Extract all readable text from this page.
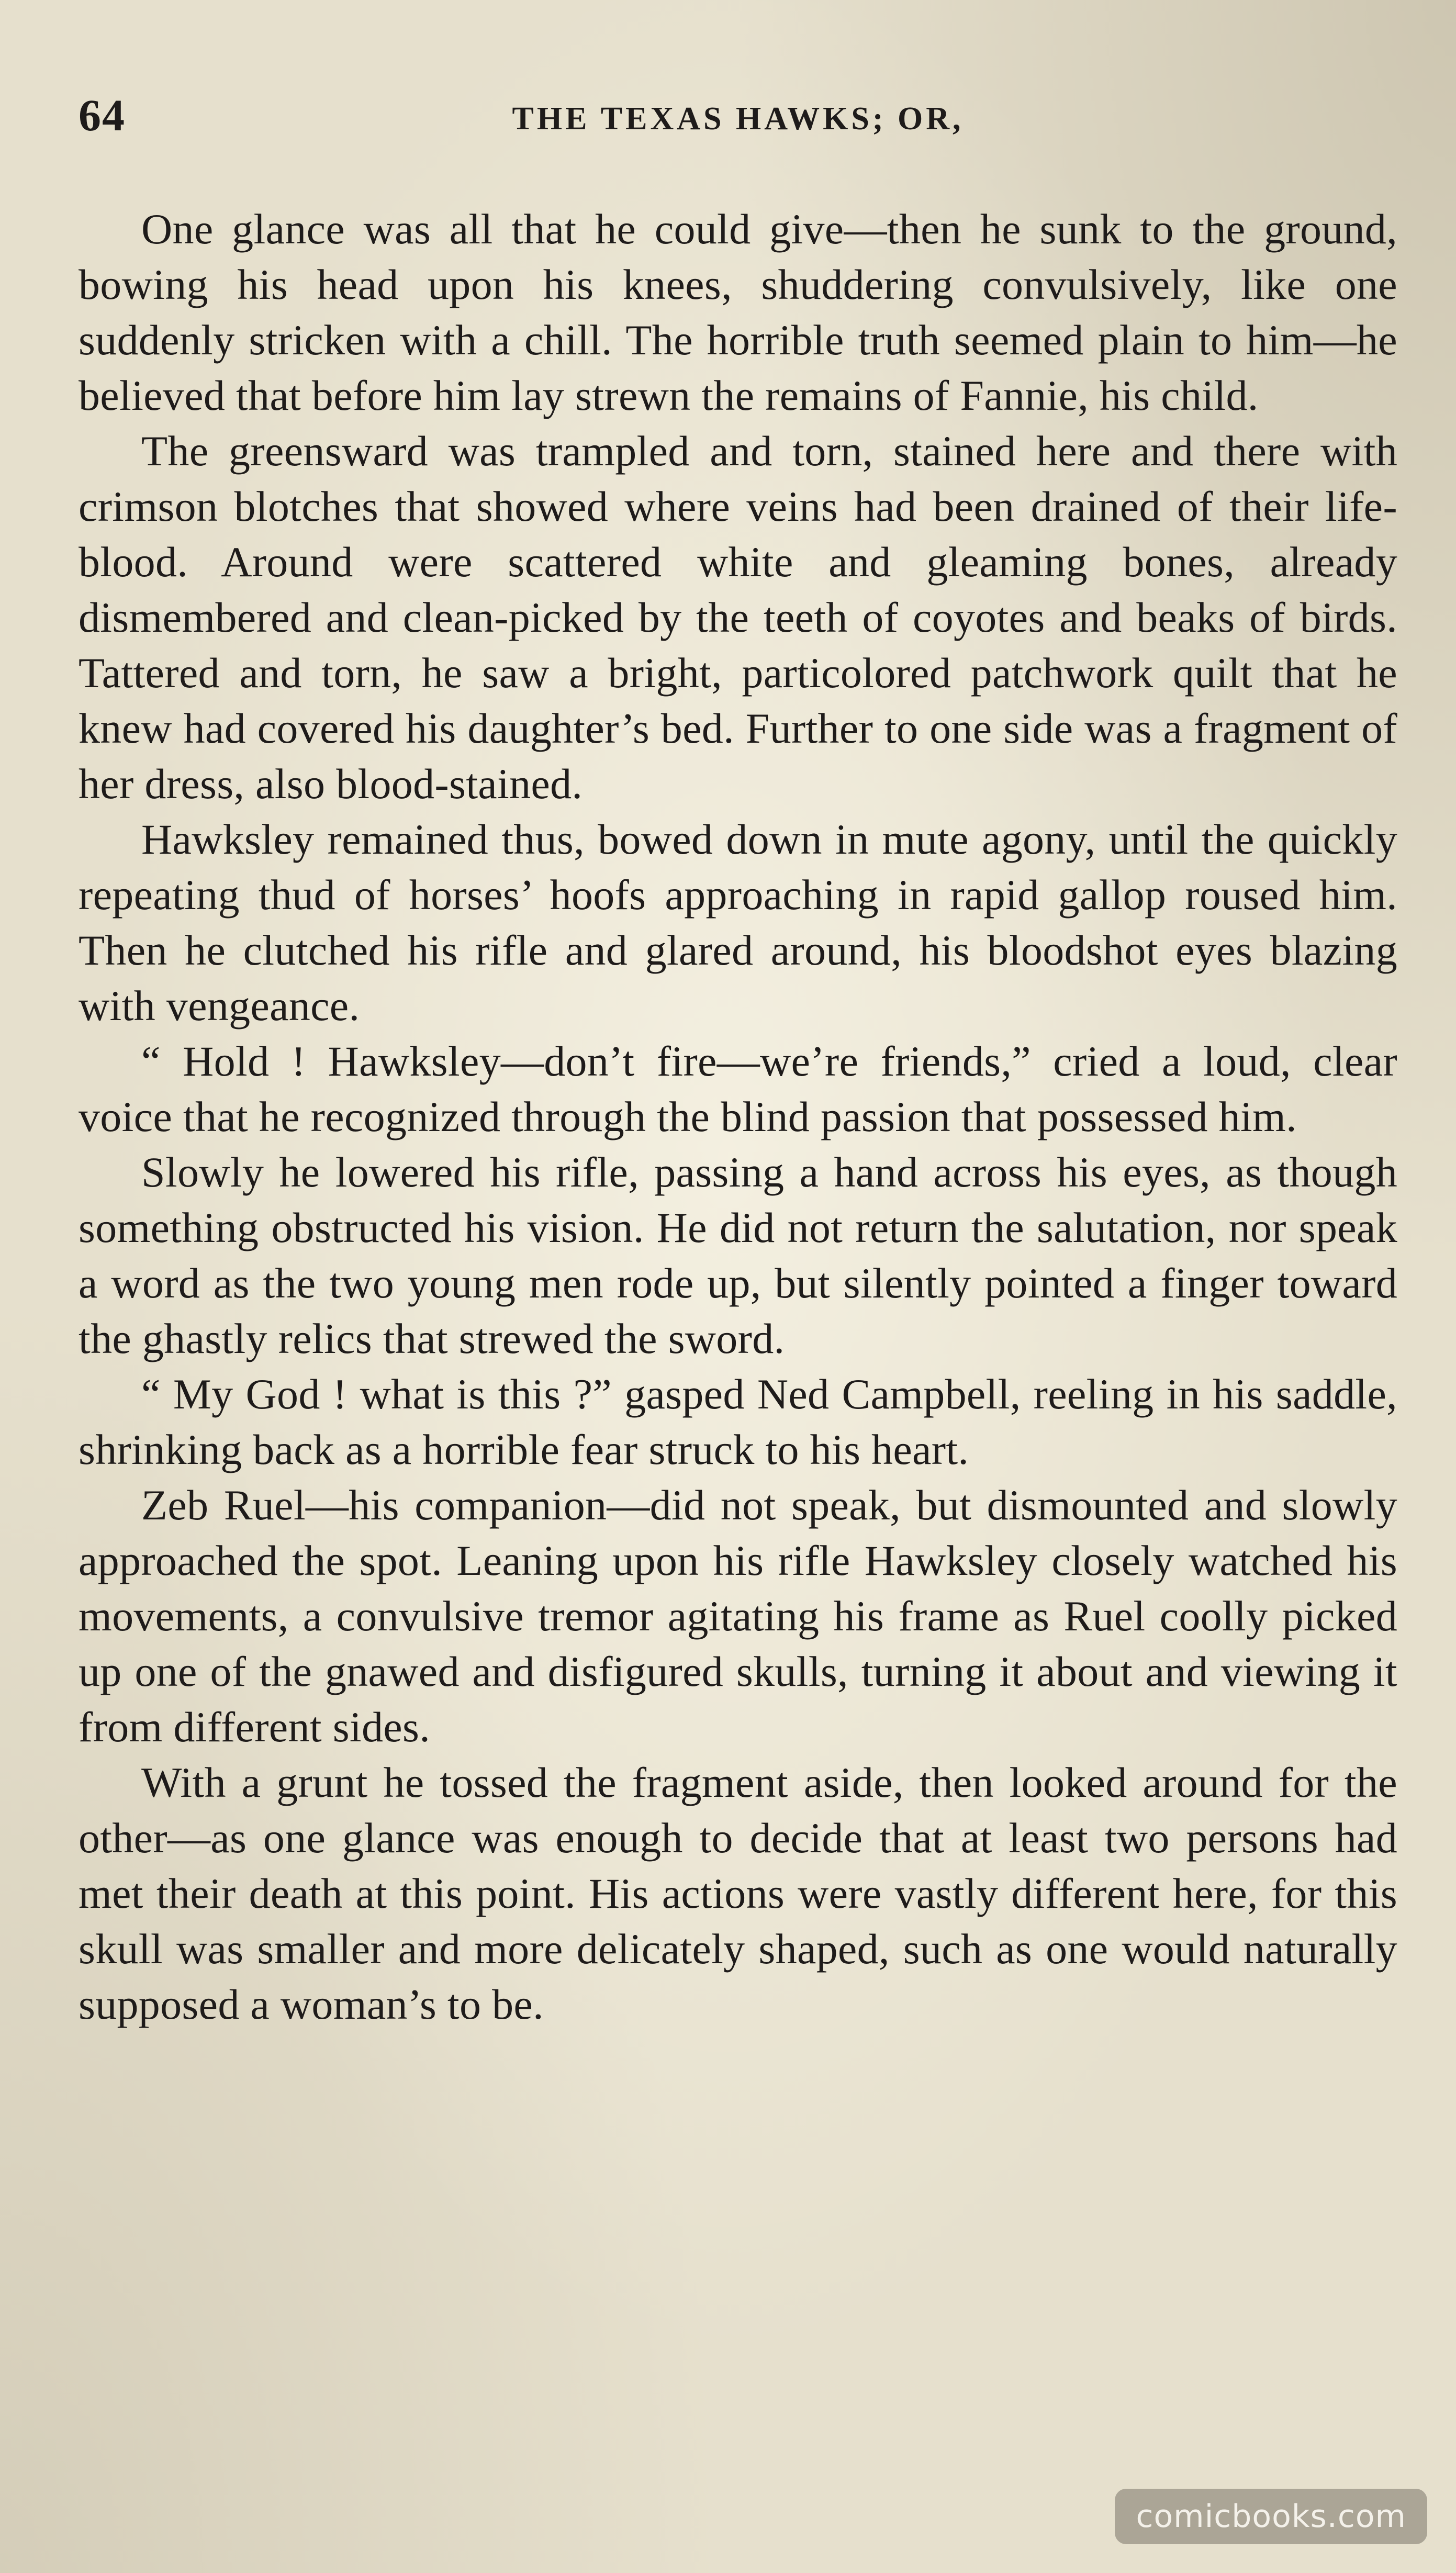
64	THE TEXAS HAWKS; OR,

One glance was all that he could give—then he sunk to the ground, bowing his head upon his knees, shuddering convulsively, like one suddenly stricken with a chill. The horrible truth seemed plain to him—he believed that before him lay strewn the remains of Fannie, his child.

The greensward was trampled and torn, stained here and there with crimson blotches that showed where veins had been drained of their life-blood. Around were scattered white and gleaming bones, already dismembered and clean-picked by the teeth of coyotes and beaks of birds. Tattered and torn, he saw a bright, particolored patchwork quilt that he knew had covered his daughter’s bed. Further to one side was a fragment of her dress, also blood-stained.

Hawksley remained thus, bowed down in mute agony, until the quickly repeating thud of horses’ hoofs approaching in rapid gallop roused him. Then he clutched his rifle and glared around, his bloodshot eyes blazing with vengeance.

“ Hold ! Hawksley—don’t fire—we’re friends,” cried a loud, clear voice that he recognized through the blind passion that possessed him.

Slowly he lowered his rifle, passing a hand across his eyes, as though something obstructed his vision. He did not return the salutation, nor speak a word as the two young men rode up, but silently pointed a finger toward the ghastly relics that strewed the sword.

“ My God ! what is this ?” gasped Ned Campbell, reeling in his saddle, shrinking back as a horrible fear struck to his heart.

Zeb Ruel—his companion—did not speak, but dismounted and slowly approached the spot. Leaning upon his rifle Hawksley closely watched his movements, a convulsive tremor agitating his frame as Ruel coolly picked up one of the gnawed and disfigured skulls, turning it about and viewing it from different sides.

With a grunt he tossed the fragment aside, then looked around for the other—as one glance was enough to decide that at least two persons had met their death at this point. His actions were vastly different here, for this skull was smaller and more delicately shaped, such as one would naturally supposed a woman’s to be.

comicbooks.com
